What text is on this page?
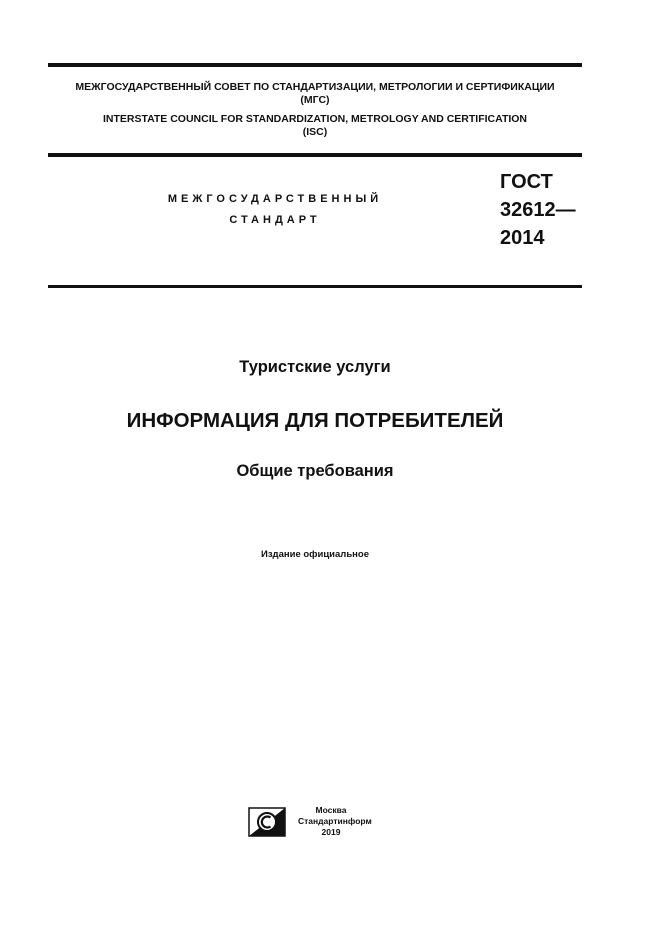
МЕЖГОСУДАРСТВЕННЫЙ СОВЕТ ПО СТАНДАРТИЗАЦИИ, МЕТРОЛОГИИ И СЕРТИФИКАЦИИ
(МГС)
INTERSTATE COUNCIL FOR STANDARDIZATION, METROLOGY AND CERTIFICATION
(ISC)
МЕЖГОСУДАРСТВЕННЫЙ
СТАНДАРТ
ГОСТ
32612—
2014
Туристские услуги
ИНФОРМАЦИЯ ДЛЯ ПОТРЕБИТЕЛЕЙ
Общие требования
Издание официальное
Москва
Стандартинформ
2019
